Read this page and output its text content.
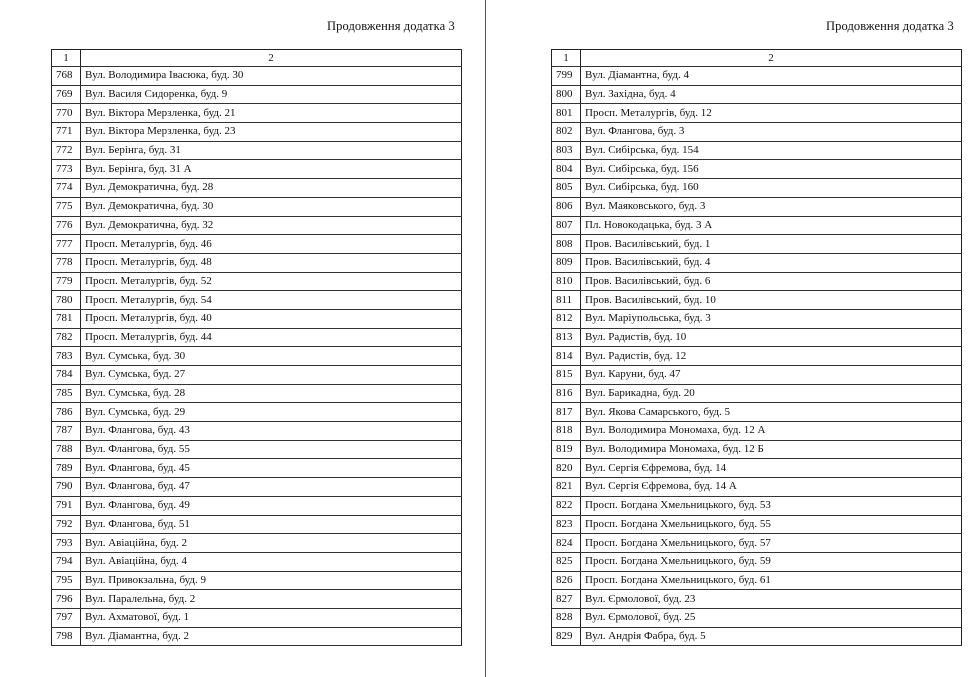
Продовження додатка 3
1	2
768	Вул. Володимира Івасюка, буд. 30
769	Вул. Василя Сидоренка, буд. 9
770	Вул. Віктора Мерзленка, буд. 21
771	Вул. Віктора Мерзленка, буд. 23
772	Вул. Берінга, буд. 31
773	Вул. Берінга, буд. 31 А
774	Вул. Демократична, буд. 28
775	Вул. Демократична, буд. 30
776	Вул. Демократична, буд. 32
777	Просп. Металургів, буд. 46
778	Просп. Металургів, буд. 48
779	Просп. Металургів, буд. 52
780	Просп. Металургів, буд. 54
781	Просп. Металургів, буд. 40
782	Просп. Металургів, буд. 44
783	Вул. Сумська, буд. 30
784	Вул. Сумська, буд. 27
785	Вул. Сумська, буд. 28
786	Вул. Сумська, буд. 29
787	Вул. Флангова, буд. 43
788	Вул. Флангова, буд. 55
789	Вул. Флангова, буд. 45
790	Вул. Флангова, буд. 47
791	Вул. Флангова, буд. 49
792	Вул. Флангова, буд. 51
793	Вул. Авіаційна, буд. 2
794	Вул. Авіаційна, буд. 4
795	Вул. Привокзальна, буд. 9
796	Вул. Паралельна, буд. 2
797	Вул. Ахматової, буд. 1
798	Вул. Діамантна, буд. 2
Продовження додатка 3
1	2
799	Вул. Діамантна, буд. 4
800	Вул. Західна, буд. 4
801	Просп. Металургів, буд. 12
802	Вул. Флангова, буд. 3
803	Вул. Сибірська, буд. 154
804	Вул. Сибірська, буд. 156
805	Вул. Сибірська, буд. 160
806	Вул. Маяковського, буд. 3
807	Пл. Новокодацька, буд. 3 А
808	Пров. Василівський, буд. 1
809	Пров. Василівський, буд. 4
810	Пров. Василівський, буд. 6
811	Пров. Василівський, буд. 10
812	Вул. Маріупольська, буд. 3
813	Вул. Радистів, буд. 10
814	Вул. Радистів, буд. 12
815	Вул. Каруни, буд. 47
816	Вул. Барикадна, буд. 20
817	Вул. Якова Самарського, буд. 5
818	Вул. Володимира Мономаха, буд. 12 А
819	Вул. Володимира Мономаха, буд. 12 Б
820	Вул. Сергія Єфремова, буд. 14
821	Вул. Сергія Єфремова, буд. 14 А
822	Просп. Богдана Хмельницького, буд. 53
823	Просп. Богдана Хмельницького, буд. 55
824	Просп. Богдана Хмельницького, буд. 57
825	Просп. Богдана Хмельницького, буд. 59
826	Просп. Богдана Хмельницького, буд. 61
827	Вул. Єрмолової, буд. 23
828	Вул. Єрмолової, буд. 25
829	Вул. Андрія Фабра, буд. 5
